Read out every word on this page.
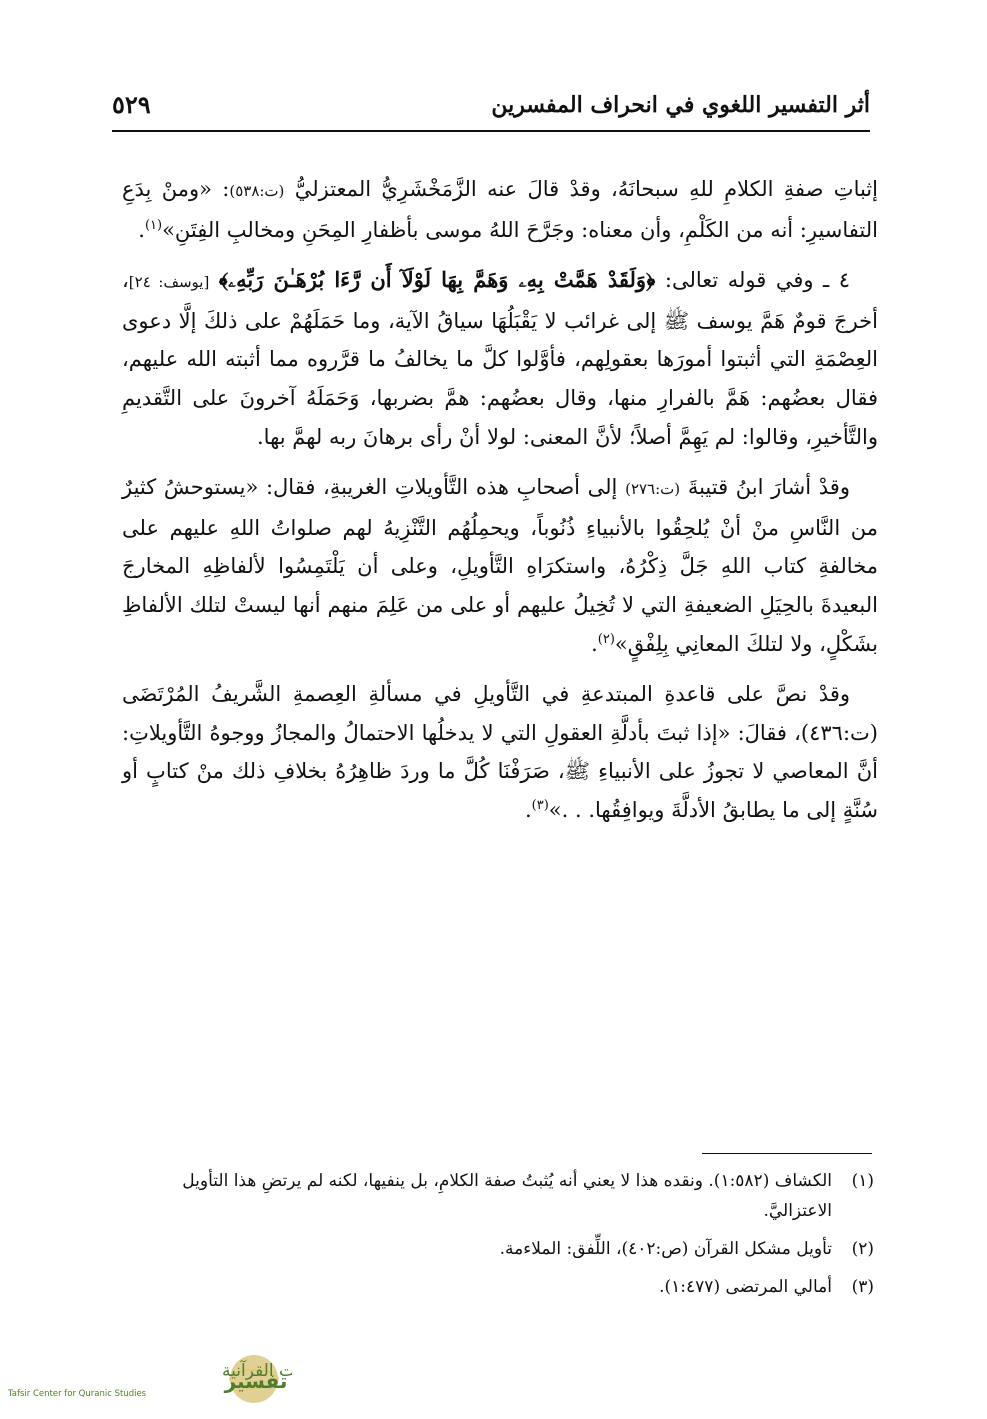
أثر التفسير اللغوي في انحراف المفسرين
٥٢٩

إثباتِ صفةِ الكلامِ للهِ سبحانَهُ، وقدْ قالَ عنه الزَّمَخْشَرِيُّ المعتزليُّ (ت:٥٣٨): «ومنْ بِدَعِ التفاسيرِ: أنه من الكَلْمِ، وأن معناه: وجَرَّحَ اللهُ موسى بأظفارِ المِحَنِ ومخالبِ الفِتَنِ»$^{(١)}$.

٤ ـ وفي قوله تعالى: ﴿وَلَقَدْ هَمَّتْ بِهِۦ وَهَمَّ بِهَا لَوْلَآ أَن رَّءَا بُرْهَـٰنَ رَبِّهِۦ﴾ [يوسف: ٢٤]، أخرجَ قومٌ هَمَّ يوسف ﷺ إلى غرائب لا يَقْبَلُهَا سياقُ الآية، وما حَمَلَهُمْ على ذلكَ إلَّا دعوى العِصْمَةِ التي أثبتوا أمورَها بعقولِهم، فأوَّلوا كلَّ ما يخالفُ ما قرَّروه مما أثبته الله عليهم، فقال بعضُهم: هَمَّ بالفرارِ منها، وقال بعضُهم: همَّ بضربها، وَحَمَلَهُ آخرونَ على التَّقديمِ والتَّأخيرِ، وقالوا: لم يَهِمَّ أصلاً؛ لأنَّ المعنى: لولا أنْ رأى برهانَ ربه لهمَّ بها.

وقدْ أشارَ ابنُ قتيبةَ (ت:٢٧٦) إلى أصحابِ هذه التَّأويلاتِ الغريبةِ، فقال: «يستوحشُ كثيرٌ من النَّاسِ منْ أنْ يُلحِقُوا بالأنبياءِ ذُنُوباً، ويحمِلُهُم التَّنْزِيهُ لهم صلواتُ اللهِ عليهم على مخالفةِ كتاب اللهِ جَلَّ ذِكْرُهُ، واستكرَاهِ التَّأويلِ، وعلى أن يَلْتَمِسُوا لألفاظِهِ المخارجَ البعيدةَ بالحِيَلِ الضعيفةِ التي لا تُخِيلُ عليهم أو على من عَلِمَ منهم أنها ليستْ لتلك الألفاظِ بشَكْلٍ، ولا لتلكَ المعانِي بِلِفْقٍ»$^{(٢)}$.

وقدْ نصَّ على قاعدةِ المبتدعةِ في التَّأويلِ في مسألةِ العِصمةِ الشَّريفُ المُرْتَضَى (ت:٤٣٦)، فقالَ: «إذا ثبتَ بأدلَّةِ العقولِ التي لا يدخلُها الاحتمالُ والمجازُ ووجوهُ التَّأويلاتِ: أنَّ المعاصي لا تجوزُ على الأنبياءِ ﷺ، صَرَفْنَا كُلَّ ما وردَ ظاهِرُهُ بخلافِ ذلك منْ كتابٍ أو سُنَّةٍ إلى ما يطابقُ الأدلَّةَ ويوافِقُها. . .»$^{(٣)}$.

(١)
الكشاف (١:٥٨٢). ونقده هذا لا يعني أنه يُثبتُ صفة الكلامِ، بل ينفيها، لكنه لم يرتضِ هذا التأويل الاعتزاليَّ.
(٢)
تأويل مشكل القرآن (ص:٤٠٢)، اللِّفق: الملاءمة.
(٣)
أمالي المرتضى (١:٤٧٧).
تفسير
ت القرآنية
Tafsir Center for Quranic Studies
